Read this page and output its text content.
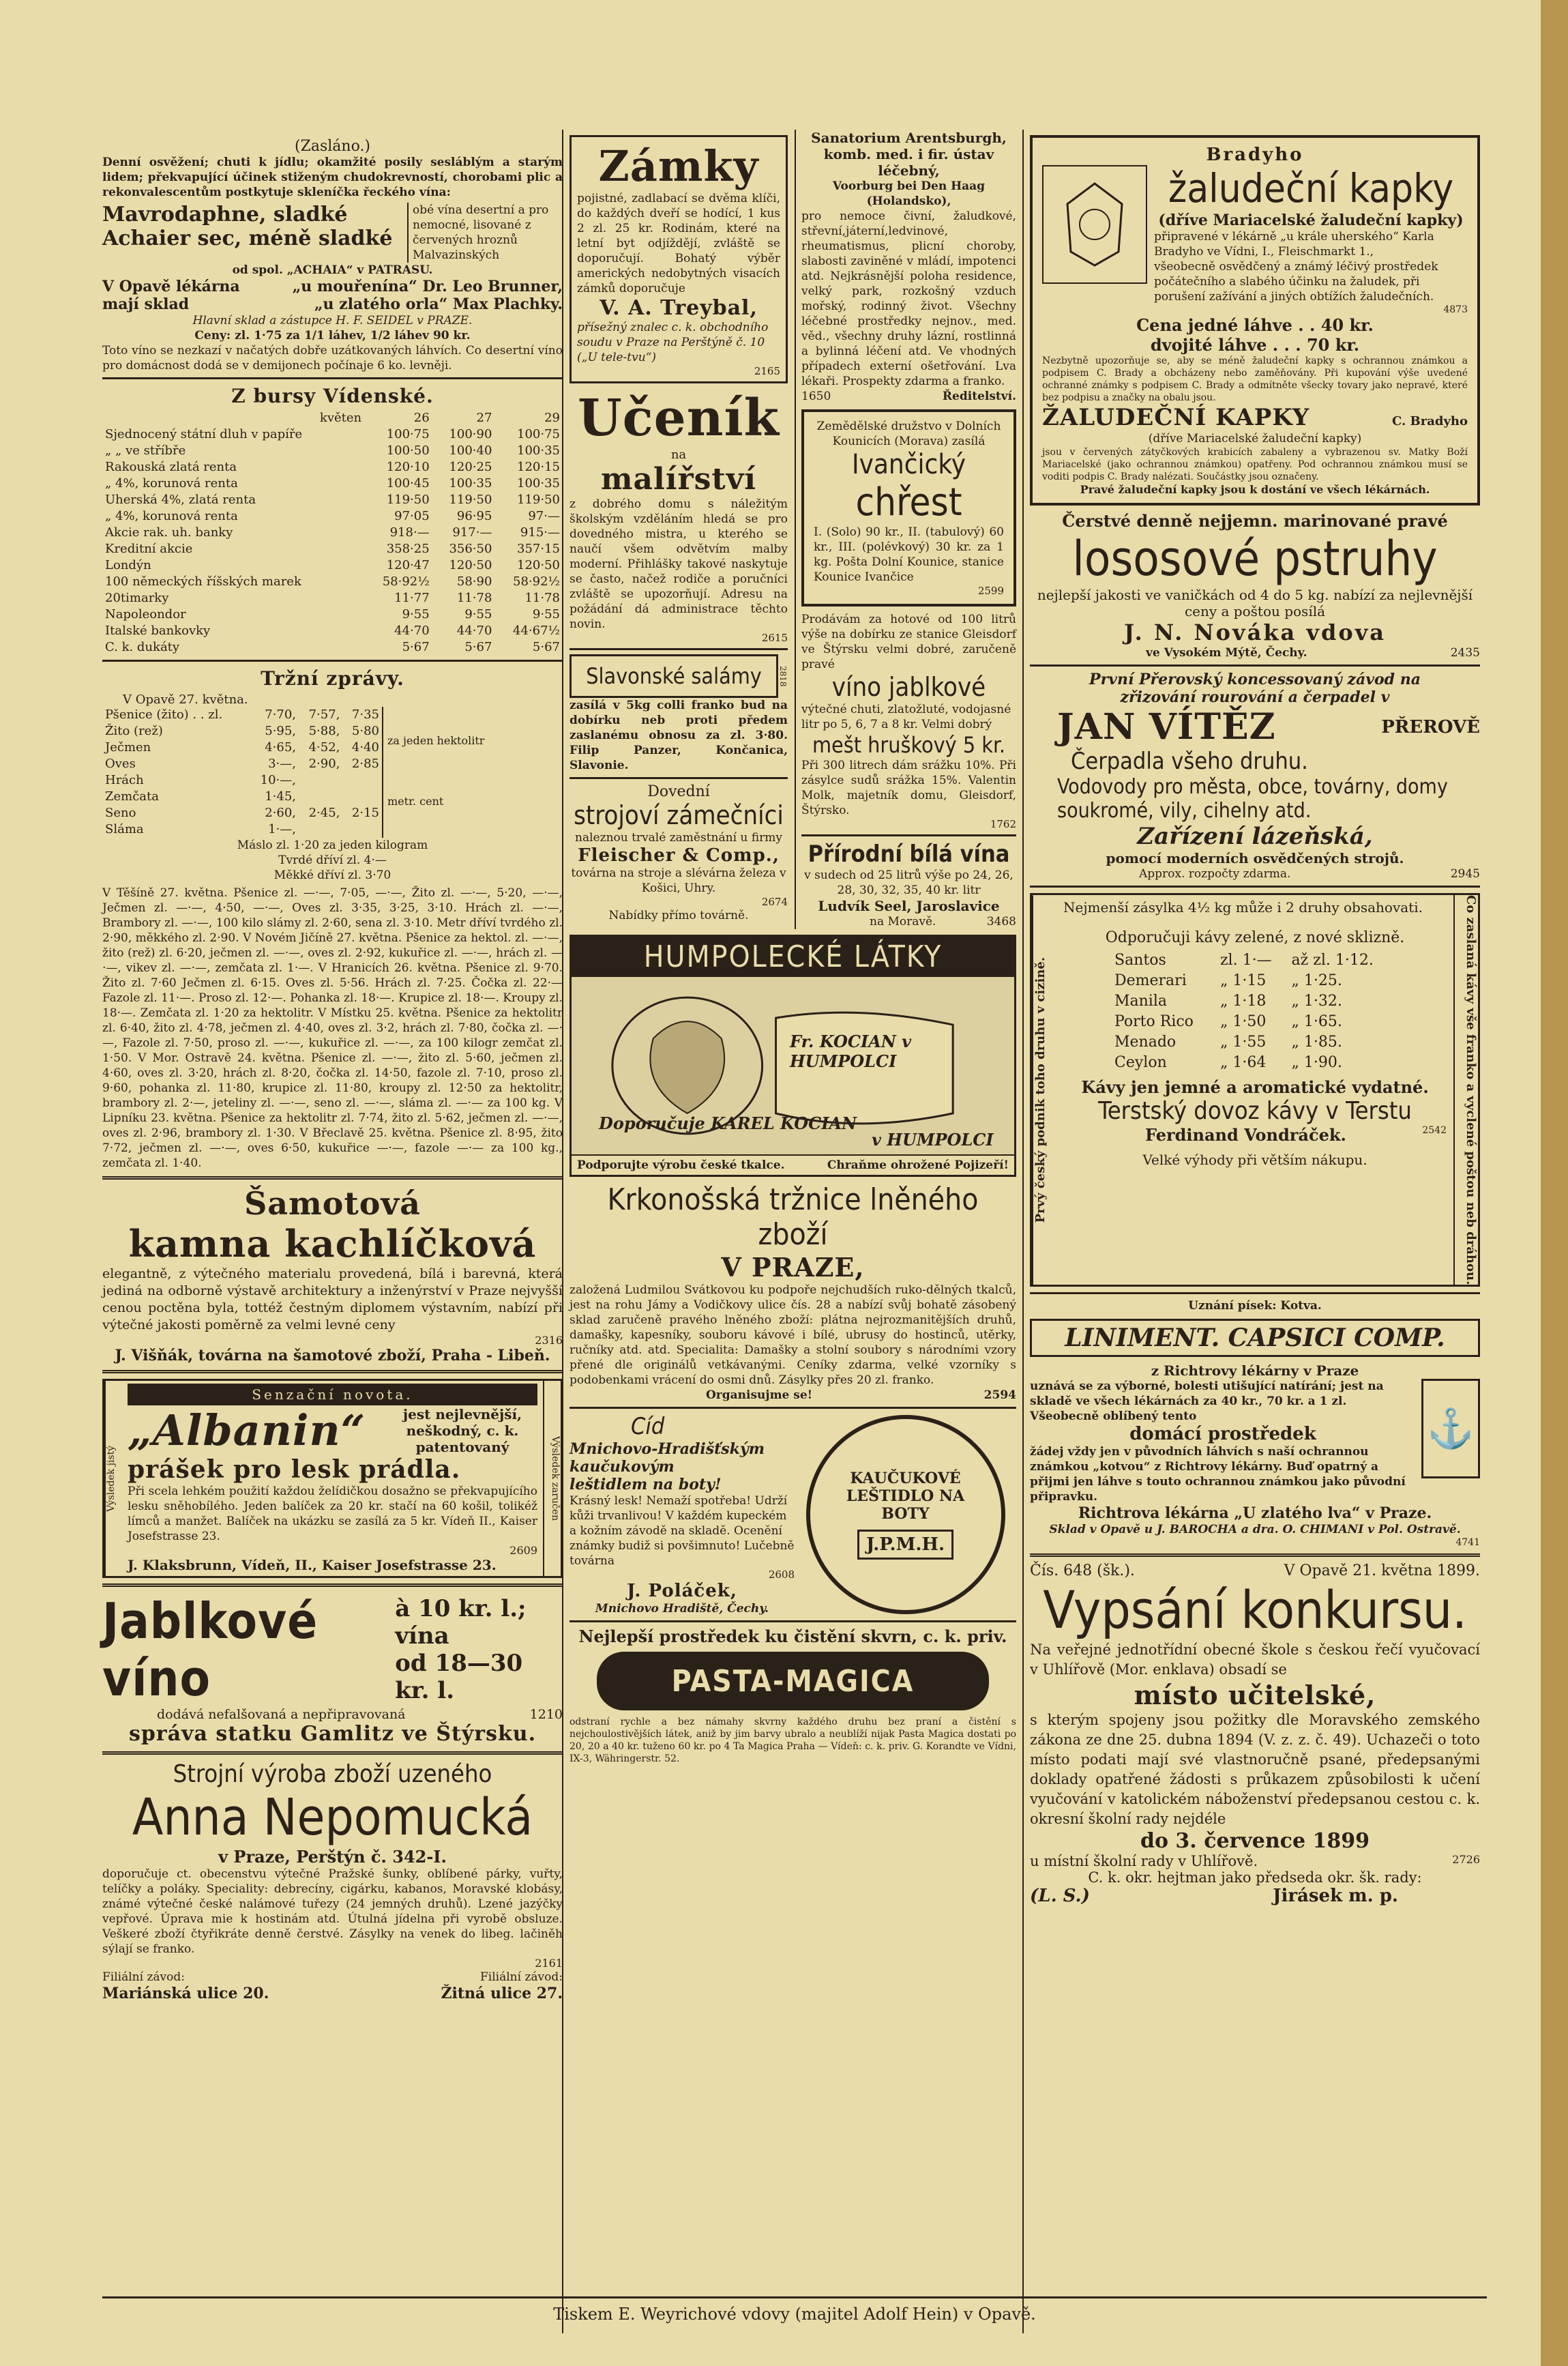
(Zasláno.)
Denní osvěžení; chuti k jídlu; okamžité posily sesláblým a starým lidem; překvapující účinek stiženým chudokrevností, chorobami plic a rekonvalescentům postkytuje skleníčka řeckého vína:
Mavrodaphne, sladké
Achaier sec, méně sladké
obé vína desertní a pro nemocné, lisované z červených hroznů Malvazinských
od spol. „ACHAIA“ v PATRASU.
V Opavě lékárna	„u mouřenína“ Dr. Leo Brunner,
mají sklad	„u zlatého orla“ Max Plachky.
Hlavní sklad a zástupce H. F. SEIDEL v PRAZE.
Ceny: zl. 1·75 za 1/1 láhev, 1/2 láhev 90 kr.
Toto víno se nezkazí v načatých dobře uzátkovaných láhvích. Co desertní víno pro domácnost dodá se v demijonech počínaje 6 ko. levněji.
Z bursy Vídenské.
květen	26	27	29
Sjednocený státní dluh v papíře	100·75	100·90	100·75
„ „ ve stříbře	100·50	100·40	100·35
Rakouská zlatá renta	120·10	120·25	120·15
„ 4%, korunová renta	100·45	100·35	100·35
Uherská 4%, zlatá renta	119·50	119·50	119·50
„ 4%, korunová renta	97·05	96·95	97·—
Akcie rak. uh. banky	918·—	917·—	915·—
Kreditní akcie	358·25	356·50	357·15
Londýn	120·47	120·50	120·50
100 německých říšských marek	58·92½	58·90	58·92½
20timarky	11·77	11·78	11·78
Napoleondor	9·55	9·55	9·55
Italské bankovky	44·70	44·70	44·67½
C. k. dukáty	5·67	5·67	5·67
Tržní zprávy.
V Opavě 27. května.
Pšenice (žito) . . zl.	7·70,	7·57,	7·35
Žito (rež)	5·95,	5·88,	5·80
Ječmen	4·65,	4·52,	4·40
Oves	3·—,	2·90,	2·85
Hrách	10·—,		
Zemčata	1·45,		
Seno	2·60,	2·45,	2·15
Sláma	1·—,		
za jeden hektolitr
metr. cent
Máslo zl. 1·20 za jeden kilogram
Tvrdé dříví zl. 4·—
Měkké dříví zl. 3·70
V Těšíně 27. května. Pšenice zl. —·—, 7·05, —·—, Žito zl. —·—, 5·20, —·—, Ječmen zl. —·—, 4·50, —·—, Oves zl. 3·35, 3·25, 3·10. Hrách zl. —·—, Brambory zl. —·—, 100 kilo slámy zl. 2·60, sena zl. 3·10. Metr dříví tvrdého zl. 2·90, měkkého zl. 2·90. V Novém Jičíně 27. května. Pšenice za hektol. zl. —·—, žito (rež) zl. 6·20, ječmen zl. —·—, oves zl. 2·92, kukuřice zl. —·—, hrách zl. —·—, vikev zl. —·—, zemčata zl. 1·—. V Hranicích 26. května. Pšenice zl. 9·70. Žito zl. 7·60 Ječmen zl. 6·15. Oves zl. 5·56. Hrách zl. 7·25. Čočka zl. 22·— Fazole zl. 11·—. Proso zl. 12·—. Pohanka zl. 18·—. Krupice zl. 18·—. Kroupy zl. 18·—. Zemčata zl. 1·20 za hektolitr. V Místku 25. května. Pšenice za hektolitr zl. 6·40, žito zl. 4·78, ječmen zl. 4·40, oves zl. 3·2, hrách zl. 7·80, čočka zl. —·—, Fazole zl. 7·50, proso zl. —·—, kukuřice zl. —·—, za 100 kilogr zemčat zl. 1·50. V Mor. Ostravě 24. května. Pšenice zl. —·—, žito zl. 5·60, ječmen zl. 4·60, oves zl. 3·20, hrách zl. 8·20, čočka zl. 14·50, fazole zl. 7·10, proso zl. 9·60, pohanka zl. 11·80, krupice zl. 11·80, kroupy zl. 12·50 za hektolitr, brambory zl. 2·—, jeteliny zl. —·—, seno zl. —·—, sláma zl. —·— za 100 kg. V Lipníku 23. května. Pšenice za hektolitr zl. 7·74, žito zl. 5·62, ječmen zl. —·—, oves zl. 2·96, brambory zl. 1·30. V Břeclavě 25. května. Pšenice zl. 8·95, žito 7·72, ječmen zl. —·—, oves 6·50, kukuřice —·—, fazole —·— za 100 kg., zemčata zl. 1·40.
Šamotová
kamna kachlíčková
elegantně, z výtečného materialu provedená, bílá i barevná, která jediná na odborně výstavě architektury a inženýrství v Praze nejvyšší cenou poctěna byla, tottéž čestným diplomem výstavním, nabízí při výtečné jakosti poměrně za velmi levné ceny
2316
J. Višňák, továrna na šamotové zboží, Praha - Libeň.
Výsledek jistý
Senzační novota.
„Albanin“	jest nejlevnější, neškodný, c. k. patentovaný
prášek pro lesk prádla.
Při scela lehkém použití každou želídičkou dosažno se překvapujícího lesku sněhobílého. Jeden balíček za 20 kr. stačí na 60 košil, tolikéž límců a manžet. Balíček na ukázku se zasílá za 5 kr. Vídeň II., Kaiser Josefstrasse 23.
2609
J. Klaksbrunn, Vídeň, II., Kaiser Josefstrasse 23.
Výsledek zaručen
Jablkové víno
à 10 kr. l.; vína
od 18—30 kr. l.
dodává nefalšovaná a nepřipravovaná	1210
správa statku Gamlitz ve Štýrsku.
Strojní výroba zboží uzeného
Anna Nepomucká
v Praze, Perštýn č. 342-I.
doporučuje ct. obecenstvu výtečné Pražské šunky, oblíbené párky, vuřty, telíčky a poláky. Speciality: debrecíny, cigárku, kabanos, Moravské klobásy, známé výtečné české nalámové tuřezy (24 jemných druhů). Lzené jazýčky vepřové. Úprava mie k hostinám atd. Útulná jídelna při vyrobě obsluze. Veškeré zboží čtyřikráte denně čerstvé. Zásylky na venek do libeg. lačiněh sýlají se franko.
2161
Filiální závod:	Filiální závod:
Mariánská ulice 20.	Žitná ulice 27.
Zámky
pojistné, zadlabací se dvěma klíči, do každých dveří se hodící, 1 kus 2 zl. 25 kr. Rodinám, které na letní byt odjíždějí, zvláště se doporučují. Bohatý výběr amerických nedobytných visacích zámků doporučuje
V. A. Treybal,
přísežný znalec c. k. obchodního soudu v Praze na Perštýně č. 10 („U tele-tvu“)
2165
Učeník
na
malířství
z dobrého domu s náležitým školským vzděláním hledá se pro dovedného mistra, u kterého se naučí všem odvětvím malby moderní. Přihlášky takové naskytuje se často, načež rodiče a poručníci zvláště se upozorňují. Adresu na požádání dá administrace těchto novin.
2615
Slavonské salámy	2818
zasílá v 5kg colli franko bud na dobírku neb proti předem zaslanému obnosu za zl. 3·80. Filip Panzer, Končanica, Slavonie.
Dovední
strojoví zámečníci
naleznou trvalé zaměstnání u firmy
Fleischer & Comp.,
továrna na stroje a slévárna železa v Košici, Uhry.
2674
Nabídky přímo továrně.
Sanatorium Arentsburgh,
komb. med. i fir. ústav léčebný,
Voorburg bei Den Haag (Holandsko),
pro nemoce čivní, žaludkové, střevní,játerní,ledvinové, rheumatismus, plicní choroby, slabosti zaviněné v mládí, impotenci atd. Nejkrásnější poloha residence, velký park, rozkošný vzduch mořský, rodinný život. Všechny léčebné prostředky nejnov., med. věd., všechny druhy lázní, rostlinná a bylinná léčení atd. Ve vhodných případech externí ošetřování. Lva lékaři. Prospekty zdarma a franko.
1650	Ředitelství.
Zemědělské družstvo v Dolních Kounicích (Morava) zasílá
Ivančický
chřest
I. (Solo) 90 kr., II. (tabulový) 60 kr., III. (polévkový) 30 kr. za 1 kg. Pošta Dolní Kounice, stanice Kounice Ivančice
2599
Prodávám za hotové od 100 litrů výše na dobírku ze stanice Gleisdorf ve Štýrsku velmi dobré, zaručeně pravé
víno jablkové
výtečné chuti, zlatožluté, vodojasné litr po 5, 6, 7 a 8 kr. Velmi dobrý
mešt hruškový 5 kr.
Při 300 litrech dám srážku 10%. Při zásylce sudů srážka 15%. Valentin Molk, majetník domu, Gleisdorf, Štýrsko.
1762
Přírodní bílá vína
v sudech od 25 litrů výše po 24, 26, 28, 30, 32, 35, 40 kr. litr
Ludvík Seel, Jaroslavice
na Moravě.	3468
HUMPOLECKÉ LÁTKY
Fr. KOCIAN v HUMPOLCI
Doporučuje KAREL KOCIAN
v HUMPOLCI
Podporujte výrobu české tkalce.	Chraňme ohrožené Pojizeří!
Krkonošská tržnice lněného zboží
V PRAZE,
založená Ludmilou Svátkovou ku podpoře nejchudších ruko-dělných tkalců, jest na rohu Jámy a Vodičkovy ulice čís. 28 a nabízí svůj bohatě zásobený sklad zaručeně pravého lněného zboží: plátna nejrozmanitějších druhů, damašky, kapesníky, souboru kávové i bílé, ubrusy do hostinců, utěrky, ručníky atd. atd. Specialita: Damašky a stolní soubory s národními vzory přené dle originálů vetkávanými. Ceníky zdarma, velké vzorníky s podobenkami vrácení do osmi dnů. Zásylky přes 20 zl. franko.
Organisujme se!	2594
Cíd
Mnichovo-Hradišťským
kaučukovým
leštidlem na boty!
Krásný lesk! Nemaží spotřeba! Udrží kůži trvanlivou! V každém kupeckém a kožním závodě na skladě. Ocenění známky budiž si povšimnuto! Lučebně továrna
2608
J. Poláček,
Mnichovo Hradiště, Čechy.
KAUČUKOVÉ LEŠTIDLO NA BOTY
J.P.M.H.
Nejlepší prostředek ku čistění skvrn, c. k. priv.
PASTA-MAGICA
odstraní rychle a bez námahy skvrny každého druhu bez praní a čistění s nejchoulostivějších látek, aniž by jim barvy ubralo a neublíží nijak Pasta Magica dostati po 20, 20 a 40 kr. tuženo 60 kr. po 4 Ta Magica Praha — Vídeň: c. k. priv. G. Korandte ve Vídni, IX-3, Währingerstr. 52.
Bradyho
žaludeční kapky
(dříve Mariacelské žaludeční kapky)
připravené v lékárně „u krále uherského“ Karla Bradyho ve Vídni, I., Fleischmarkt 1.,
všeobecně osvědčený a známý léčivý prostředek počátečního a slabého účinku na žaludek, při porušení zažívání a jiných obtížích žaludečních.
4873
Cena jedné láhve . . 40 kr.
dvojité láhve . . . 70 kr.
Nezbytně upozorňuje se, aby se méně žaludeční kapky s ochrannou známkou a podpisem C. Brady a obcházeny nebo zaměňovány. Při kupování výše uvedené ochranné známky s podpisem C. Brady a odmítněte všecky tovary jako nepravé, které bez podpisu a značky na obalu jsou.
ŽALUDEČNÍ KAPKY	C. Bradyho
(dříve Mariacelské žaludeční kapky)
jsou v červených zátyčkových krabicích zabaleny a vybrazenou sv. Matky Boží Mariacelské (jako ochrannou známkou) opatřeny. Pod ochrannou známkou musí se voditi podpis C. Brady nalézati. Součástky jsou označeny.
Pravé žaludeční kapky jsou k dostání ve všech lékárnách.
Čerstvé denně nejjemn. marinované pravé
lososové pstruhy
nejlepší jakosti ve vaničkách od 4 do 5 kg. nabízí za nejlevnější ceny a poštou posílá
J. N. Nováka vdova
ve Vysokém Mýtě, Čechy.	2435
První Přerovský koncessovaný závod na
zřizování rourování a čerpadel v
JAN VÍTĚZ	PŘEROVĚ
Čerpadla všeho druhu.
Vodovody pro města, obce, továrny, domy soukromé, vily, cihelny atd.
Zařízení lázeňská,
pomocí moderních osvědčených strojů.
Approx. rozpočty zdarma.	2945
Prvý český podnik toho druhu v cizině.
Nejmenší zásylka 4½ kg může i 2 druhy obsahovati.
Odporučuji kávy zelené, z nové sklizně.
Santos	zl. 1·—	až zl. 1·12.
Demerari	„ 1·15	„ 1·25.
Manila	„ 1·18	„ 1·32.
Porto Rico	„ 1·50	„ 1·65.
Menado	„ 1·55	„ 1·85.
Ceylon	„ 1·64	„ 1·90.
Kávy jen jemné a aromatické vydatné.
Terstský dovoz kávy v Terstu
Ferdinand Vondráček.	2542
Velké výhody při větším nákupu.	Co zaslaná kávy vše franko a vyclené poštou neb dráhou.
Uznání písek: Kotva.
LINIMENT. CAPSICI COMP.
z Richtrovy lékárny v Praze
uznává se za výborné, bolesti utišující natírání; jest na skladě ve všech lékárnách za 40 kr., 70 kr. a 1 zl. Všeobecně oblíbený tento
domácí prostředek
žádej vždy jen v původních láhvích s naší ochrannou známkou „kotvou“ z Richtrovy lékárny. Buď opatrný a přijmi jen láhve s touto ochrannou známkou jako původní připravku.
⚓
Richtrova lékárna „U zlatého lva“ v Praze.
Sklad v Opavě u J. BAROCHA a dra. O. CHIMANI v Pol. Ostravě.
4741
Čís. 648 (šk.).	V Opavě 21. května 1899.
Vypsání konkursu.
Na veřejné jednotřídní obecné škole s českou řečí vyučovací v Uhlířově (Mor. enklava) obsadí se
místo učitelské,
s kterým spojeny jsou požitky dle Moravského zemského zákona ze dne 25. dubna 1894 (V. z. z. č. 49). Uchazeči o toto místo podati mají své vlastnoručně psané, předepsanými doklady opatřené žádosti s průkazem způsobilosti k učení vyučování v katolickém náboženství předepsanou cestou c. k. okresní školní rady nejdéle
do 3. července 1899
u místní školní rady v Uhlířově.	2726
C. k. okr. hejtman jako předseda okr. šk. rady:
(L. S.)	Jirásek m. p.
Tiskem E. Weyrichové vdovy (majitel Adolf Hein) v Opavě.
